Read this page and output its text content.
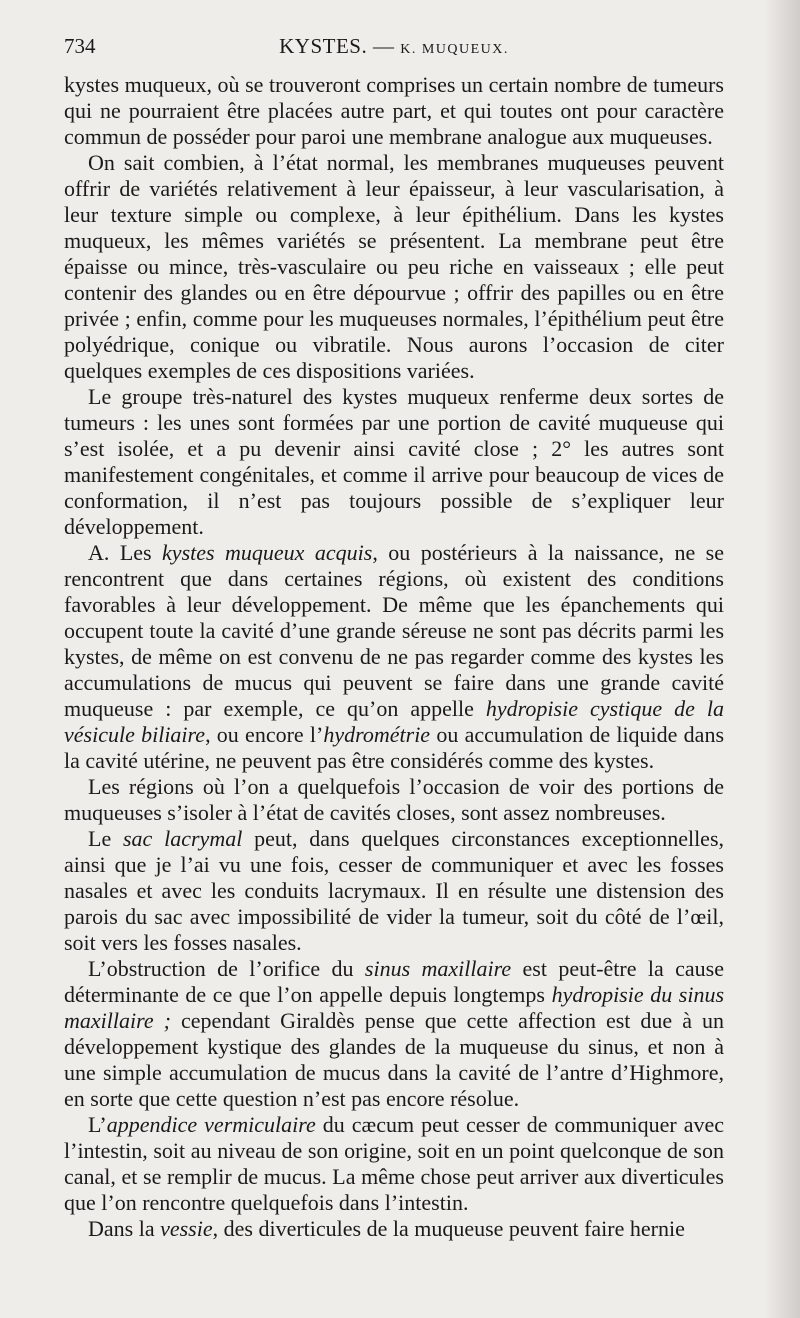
734	KYSTES. — K. MUQUEUX.

kystes muqueux, où se trouveront comprises un certain nombre de tumeurs qui ne pourraient être placées autre part, et qui toutes ont pour caractère commun de posséder pour paroi une membrane analogue aux muqueuses.

On sait combien, à l’état normal, les membranes muqueuses peuvent offrir de variétés relativement à leur épaisseur, à leur vascularisation, à leur texture simple ou complexe, à leur épithélium. Dans les kystes muqueux, les mêmes variétés se présentent. La membrane peut être épaisse ou mince, très-vasculaire ou peu riche en vaisseaux ; elle peut contenir des glandes ou en être dépourvue ; offrir des papilles ou en être privée ; enfin, comme pour les muqueuses normales, l’épithélium peut être polyédrique, conique ou vibratile. Nous aurons l’occasion de citer quelques exemples de ces dispositions variées.

Le groupe très-naturel des kystes muqueux renferme deux sortes de tumeurs : les unes sont formées par une portion de cavité muqueuse qui s’est isolée, et a pu devenir ainsi cavité close ; 2° les autres sont manifestement congénitales, et comme il arrive pour beaucoup de vices de conformation, il n’est pas toujours possible de s’expliquer leur développement.

A. Les kystes muqueux acquis, ou postérieurs à la naissance, ne se rencontrent que dans certaines régions, où existent des conditions favorables à leur développement. De même que les épanchements qui occupent toute la cavité d’une grande séreuse ne sont pas décrits parmi les kystes, de même on est convenu de ne pas regarder comme des kystes les accumulations de mucus qui peuvent se faire dans une grande cavité muqueuse : par exemple, ce qu’on appelle hydropisie cystique de la vésicule biliaire, ou encore l’hydrométrie ou accumulation de liquide dans la cavité utérine, ne peuvent pas être considérés comme des kystes.

Les régions où l’on a quelquefois l’occasion de voir des portions de muqueuses s’isoler à l’état de cavités closes, sont assez nombreuses.

Le sac lacrymal peut, dans quelques circonstances exceptionnelles, ainsi que je l’ai vu une fois, cesser de communiquer et avec les fosses nasales et avec les conduits lacrymaux. Il en résulte une distension des parois du sac avec impossibilité de vider la tumeur, soit du côté de l’œil, soit vers les fosses nasales.

L’obstruction de l’orifice du sinus maxillaire est peut-être la cause déterminante de ce que l’on appelle depuis longtemps hydropisie du sinus maxillaire ; cependant Giraldès pense que cette affection est due à un développement kystique des glandes de la muqueuse du sinus, et non à une simple accumulation de mucus dans la cavité de l’antre d’Highmore, en sorte que cette question n’est pas encore résolue.

L’appendice vermiculaire du cæcum peut cesser de communiquer avec l’intestin, soit au niveau de son origine, soit en un point quelconque de son canal, et se remplir de mucus. La même chose peut arriver aux diverticules que l’on rencontre quelquefois dans l’intestin.

Dans la vessie, des diverticules de la muqueuse peuvent faire hernie
